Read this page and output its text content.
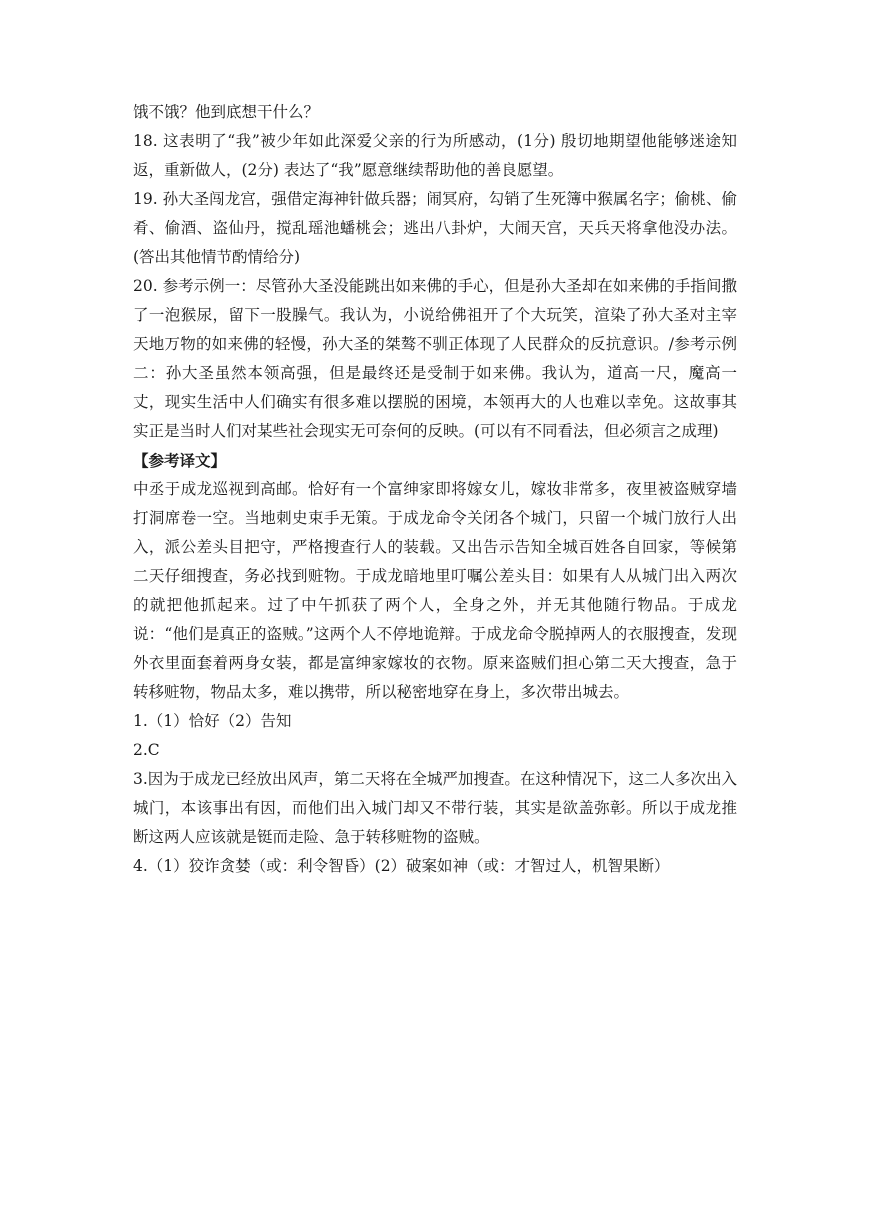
饿不饿？他到底想干什么？

18. 这表明了“我”被少年如此深爱父亲的行为所感动，(1分) 殷切地期望他能够迷途知返，重新做人，(2分) 表达了“我”愿意继续帮助他的善良愿望。

19. 孙大圣闯龙宫，强借定海神针做兵器；闹冥府，勾销了生死簿中猴属名字；偷桃、偷肴、偷酒、盗仙丹，搅乱瑶池蟠桃会；逃出八卦炉，大闹天宫，天兵天将拿他没办法。(答出其他情节酌情给分)

20. 参考示例一：尽管孙大圣没能跳出如来佛的手心，但是孙大圣却在如来佛的手指间撒了一泡猴尿，留下一股臊气。我认为，小说给佛祖开了个大玩笑，渲染了孙大圣对主宰天地万物的如来佛的轻慢，孙大圣的桀骜不驯正体现了人民群众的反抗意识。/参考示例二：孙大圣虽然本领高强，但是最终还是受制于如来佛。我认为，道高一尺，魔高一丈，现实生活中人们确实有很多难以摆脱的困境，本领再大的人也难以幸免。这故事其实正是当时人们对某些社会现实无可奈何的反映。(可以有不同看法，但必须言之成理)

【参考译文】

中丞于成龙巡视到高邮。恰好有一个富绅家即将嫁女儿，嫁妆非常多，夜里被盗贼穿墙打洞席卷一空。当地刺史束手无策。于成龙命令关闭各个城门，只留一个城门放行人出入，派公差头目把守，严格搜查行人的装载。又出告示告知全城百姓各自回家，等候第二天仔细搜查，务必找到赃物。于成龙暗地里叮嘱公差头目：如果有人从城门出入两次的就把他抓起来。过了中午抓获了两个人，全身之外，并无其他随行物品。于成龙说：“他们是真正的盗贼。”这两个人不停地诡辩。于成龙命令脱掉两人的衣服搜查，发现外衣里面套着两身女装，都是富绅家嫁妆的衣物。原来盗贼们担心第二天大搜查，急于转移赃物，物品太多，难以携带，所以秘密地穿在身上，多次带出城去。

1.（1）恰好（2）告知

2.C

3.因为于成龙已经放出风声，第二天将在全城严加搜查。在这种情况下，这二人多次出入城门，本该事出有因，而他们出入城门却又不带行装，其实是欲盖弥彰。所以于成龙推断这两人应该就是铤而走险、急于转移赃物的盗贼。

4.（1）狡诈贪婪（或：利令智昏）(2）破案如神（或：才智过人，机智果断）
